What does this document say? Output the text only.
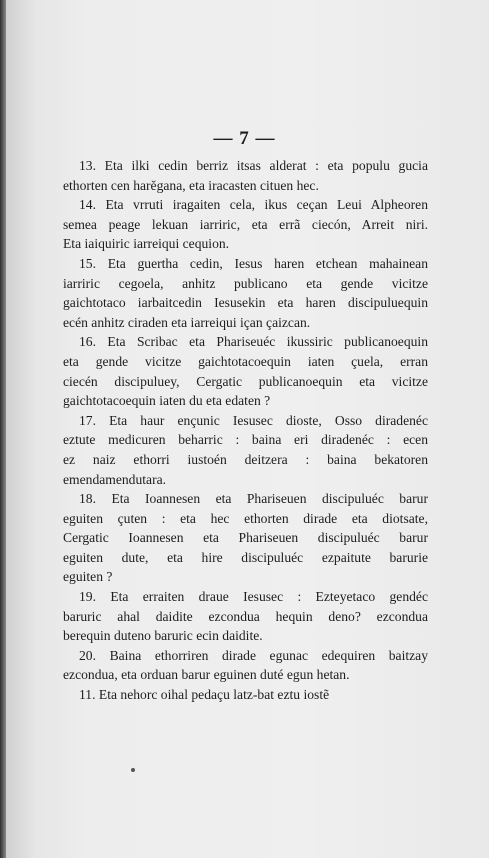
— 7 —
13. Eta ilki cedin berriz itsas alderat : eta populu gucia
ethorten cen harĕgana, eta iracasten cituen hec.
14. Eta vrruti iragaiten cela, ikus ceçan Leui Alpheoren
semea peage lekuan iarriric, eta errã ciecón, Arreit niri.
Eta iaiquiric iarreiqui cequion.
15. Eta guertha cedin, Iesus haren etchean mahainean
iarriric cegoela, anhitz publicano eta gende vicitze
gaichtotaco iarbaitcedin Iesusekin eta haren discipuluequin
ecén anhitz ciraden eta iarreiqui içan çaizcan.
16. Eta Scribac eta Phariseuéc ikussiric publicanoequin
eta gende vicitze gaichtotacoequin iaten çuela, erran
ciecén discipuluey, Cergatic publicanoequin eta vicitze
gaichtotacoequin iaten du eta edaten ?
17. Eta haur ençunic Iesusec dioste, Osso diradenéc
eztute medicuren beharric : baina eri diradenéc : ecen
ez naiz ethorri iustoén deitzera : baina bekatoren
emendamendutara.
18. Eta Ioannesen eta Phariseuen discipuluéc barur
eguiten çuten : eta hec ethorten dirade eta diotsate,
Cergatic Ioannesen eta Phariseuen discipuluéc barur
eguiten dute, eta hire discipuluéc ezpaitute barurie
eguiten ?
19. Eta erraiten draue Iesusec : Ezteyetaco gendéc
baruric ahal daidite ezcondua hequin deno? ezcondua
berequin duteno baruric ecin daidite.
20. Baina ethorriren dirade egunac edequiren baitzay
ezcondua, eta orduan barur eguinen duté egun hetan.
11. Eta nehorc oihal pedaçu latz-bat eztu iostẽ
